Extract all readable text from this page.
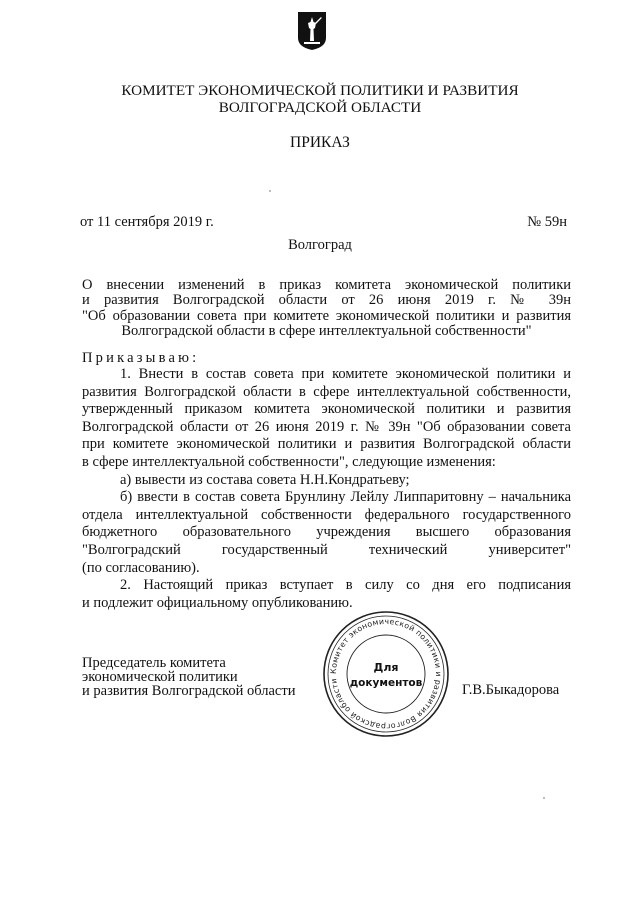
КОМИТЕТ ЭКОНОМИЧЕСКОЙ ПОЛИТИКИ И РАЗВИТИЯ
ВОЛГОГРАДСКОЙ ОБЛАСТИ
ПРИКАЗ
от 11 сентября 2019 г.	№ 59н
Волгоград
О внесении изменений в приказ комитета экономической политики
и развития Волгоградской области от 26 июня 2019 г. № 39н
"Об образовании совета при комитете экономической политики и развития
Волгоградской области в сфере интеллектуальной собственности"
Приказываю:
1. Внести в состав совета при комитете экономической политики и
развития Волгоградской области в сфере интеллектуальной собственности,
утвержденный приказом комитета экономической политики и развития
Волгоградской области от 26 июня 2019 г. № 39н "Об образовании совета
при комитете экономической политики и развития Волгоградской области
в сфере интеллектуальной собственности", следующие изменения:
а) вывести из состава совета Н.Н.Кондратьеву;
б) ввести в состав совета Брунлину Лейлу Липпаритовну – начальника
отдела интеллектуальной собственности федерального государственного
бюджетного образовательного учреждения высшего образования
"Волгоградский государственный технический университет"
(по согласованию).
2. Настоящий приказ вступает в силу со дня его подписания
и подлежит официальному опубликованию.
Председатель комитета
экономической политики
и развития Волгоградской области	Г.В.Быкадорова
Комитет экономической политики и развития Волгоградской области
Для
документов
